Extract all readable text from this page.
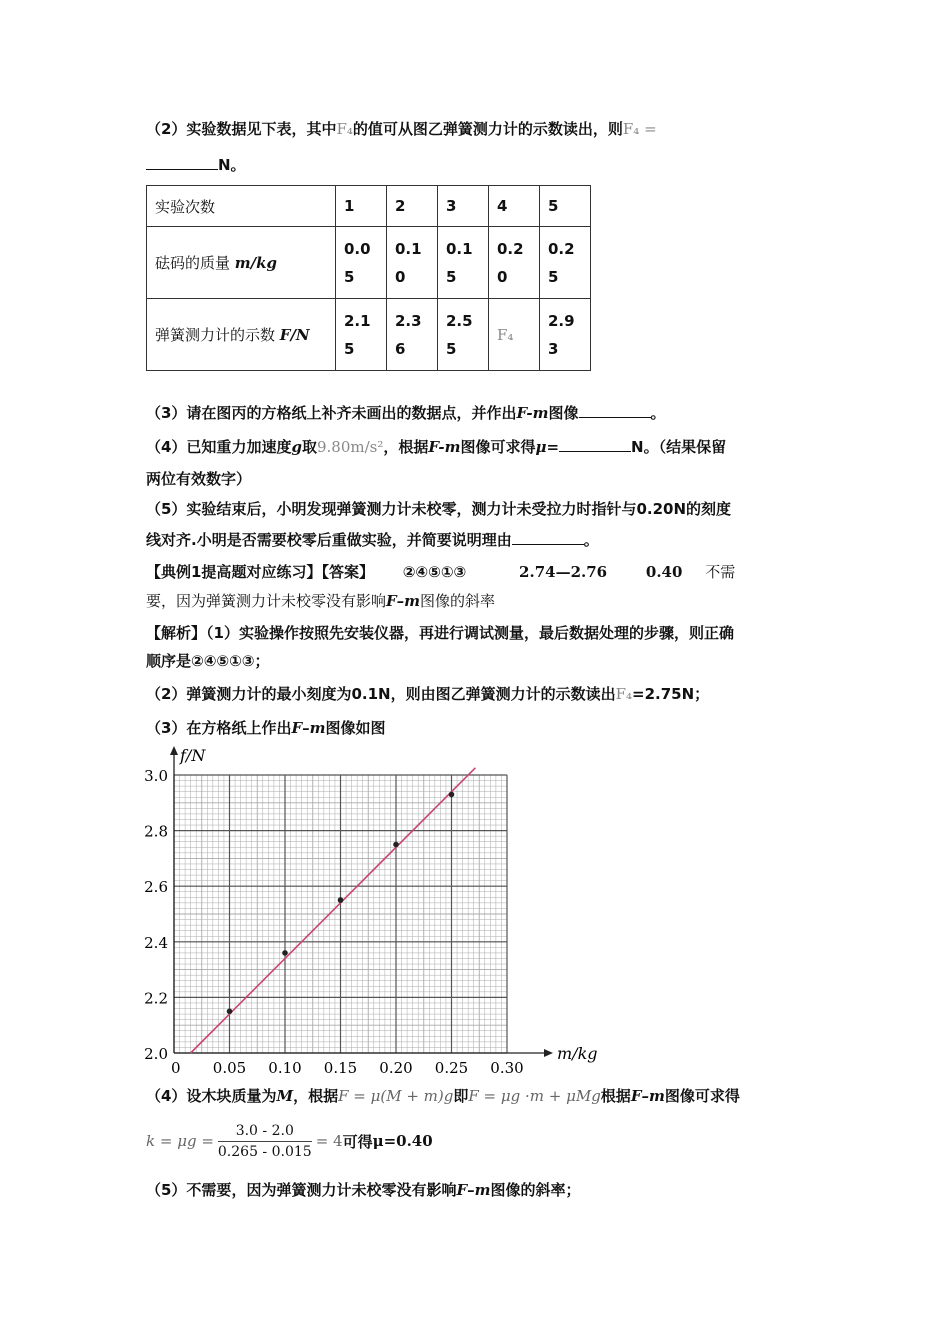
（2）实验数据见下表，其中F₄的值可从图乙弹簧测力计的示数读出，则F₄ =
N。
实验次数	1	2	3	4	5
砝码的质量 m/kg	0.05	0.10	0.15	0.20	0.25
弹簧测力计的示数 F/N	2.15	2.36	2.55	F₄	2.93
（3）请在图丙的方格纸上补齐未画出的数据点，并作出F-m图像	。
（4）已知重力加速度g取9.80m/s²，根据F-m图像可求得μ=	N。（结果保留
两位有效数字）
（5）实验结束后，小明发现弹簧测力计未校零，测力计未受拉力时指针与0.20N的刻度
线对齐.小明是否需要校零后重做实验，并简要说明理由	。
【典例1提高题对应练习】【答案】 ②④⑤①③	2.74—2.76	0.40 不需
要，因为弹簧测力计未校零没有影响F–m图像的斜率
【解析】（1）实验操作按照先安装仪器，再进行调试测量，最后数据处理的步骤，则正确
顺序是②④⑤①③；
（2）弹簧测力计的最小刻度为0.1N，则由图乙弹簧测力计的示数读出F₄=2.75N；
（3）在方格纸上作出F–m图像如图
0 0.05 0.10 0.15 0.20 0.25 0.30
2.0
2.2
2.4
2.6
2.8
3.0
m/kg
f/N
（4）设木块质量为M，根据F = μ(M + m)g即F = μg ·m + μMg根据F–m图像可求得
$k = \mu g = \frac{3.0 - 2.0}{0.265 - 0.015} = 4$ 可得 μ=0.40
（5）不需要，因为弹簧测力计未校零没有影响F–m图像的斜率；
